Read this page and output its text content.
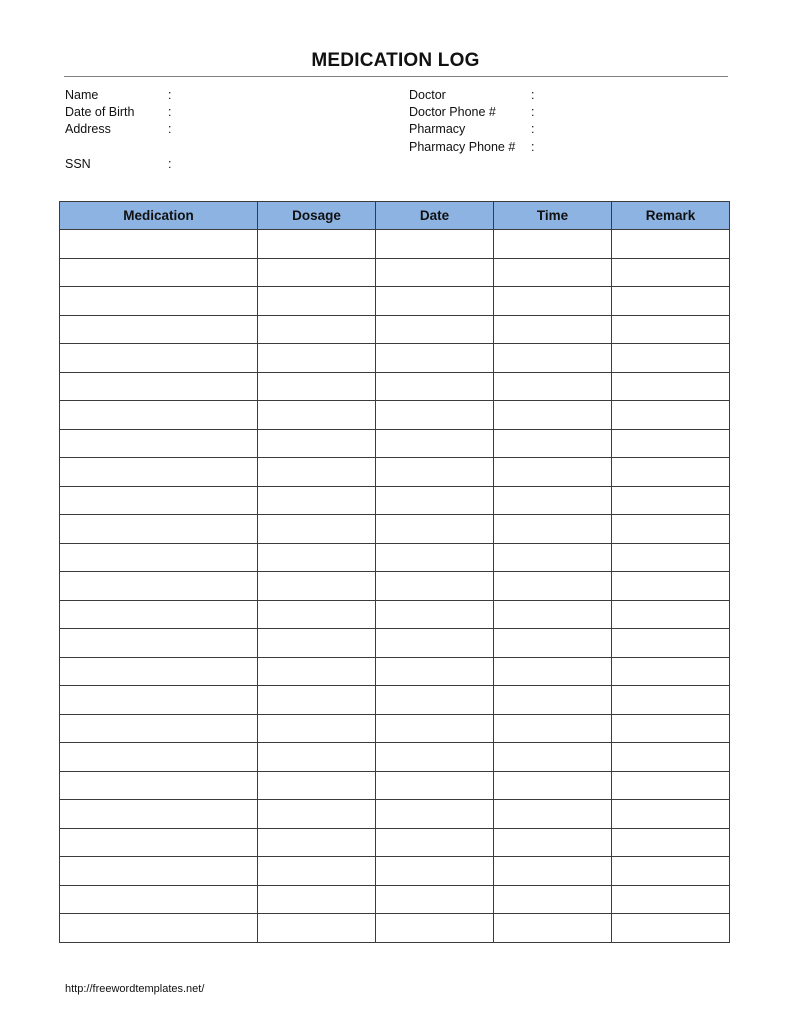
MEDICATION LOG
Name	:
Date of Birth	:
Address	:
SSN	:
Doctor	:
Doctor Phone #	:
Pharmacy	:
Pharmacy Phone # :
Medication	Dosage	Date	Time	Remark

http://freewordtemplates.net/
